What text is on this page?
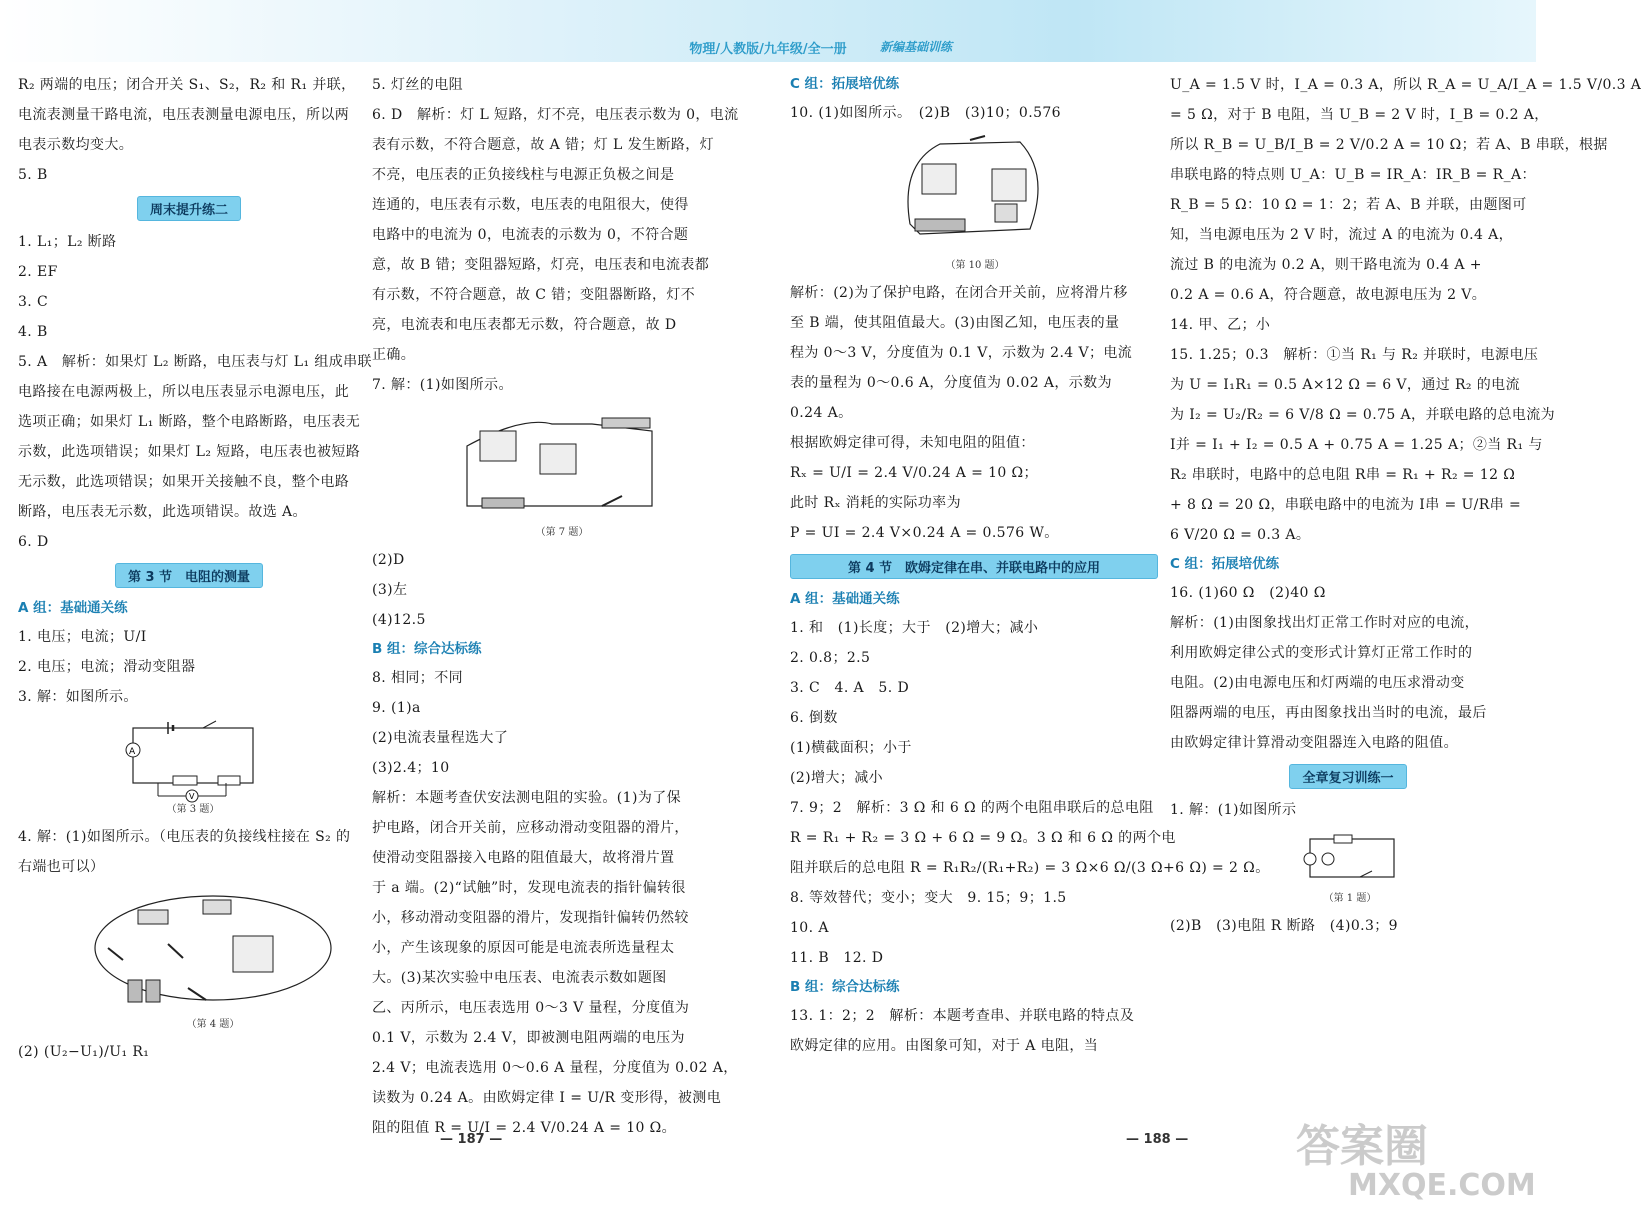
物理/人教版/九年级/全一册	新编基础训练
R₂ 两端的电压；闭合开关 S₁、S₂，R₂ 和 R₁ 并联，
电流表测量干路电流，电压表测量电源电压，所以两
电表示数均变大。
5. B
周末提升练二
1. L₁；L₂ 断路
2. EF
3. C
4. B
5. A　解析：如果灯 L₂ 断路，电压表与灯 L₁ 组成串联
电路接在电源两极上，所以电压表显示电源电压，此
选项正确；如果灯 L₁ 断路，整个电路断路，电压表无
示数，此选项错误；如果灯 L₂ 短路，电压表也被短路
无示数，此选项错误；如果开关接触不良，整个电路
断路，电压表无示数，此选项错误。故选 A。
6. D
第 3 节　电阻的测量
A 组：基础通关练
1. 电压；电流；U/I
2. 电压；电流；滑动变阻器
3. 解：如图所示。
A
V
（第 3 题）
4. 解：(1)如图所示。（电压表的负接线柱接在 S₂ 的
右端也可以）
（第 4 题）
(2) (U₂−U₁)/U₁ R₁
5. 灯丝的电阻
6. D　解析：灯 L 短路，灯不亮，电压表示数为 0，电流
表有示数，不符合题意，故 A 错；灯 L 发生断路，灯
不亮，电压表的正负接线柱与电源正负极之间是
连通的，电压表有示数，电压表的电阻很大，使得
电路中的电流为 0，电流表的示数为 0，不符合题
意，故 B 错；变阻器短路，灯亮，电压表和电流表都
有示数，不符合题意，故 C 错；变阻器断路，灯不
亮，电流表和电压表都无示数，符合题意，故 D
正确。
7. 解：(1)如图所示。
（第 7 题）
(2)D
(3)左
(4)12.5
B 组：综合达标练
8. 相同；不同
9. (1)a
(2)电流表量程选大了
(3)2.4；10
解析：本题考查伏安法测电阻的实验。(1)为了保
护电路，闭合开关前，应移动滑动变阻器的滑片，
使滑动变阻器接入电路的阻值最大，故将滑片置
于 a 端。(2)“试触”时，发现电流表的指针偏转很
小，移动滑动变阻器的滑片，发现指针偏转仍然较
小，产生该现象的原因可能是电流表所选量程太
大。(3)某次实验中电压表、电流表示数如题图
乙、丙所示，电压表选用 0～3 V 量程，分度值为
0.1 V，示数为 2.4 V，即被测电阻两端的电压为
2.4 V；电流表选用 0～0.6 A 量程，分度值为 0.02 A，
读数为 0.24 A。由欧姆定律 I = U/R 变形得，被测电
阻的阻值 R = U/I = 2.4 V/0.24 A = 10 Ω。
C 组：拓展培优练
10. (1)如图所示。　(2)B　(3)10；0.576
（第 10 题）
解析：(2)为了保护电路，在闭合开关前，应将滑片移
至 B 端，使其阻值最大。(3)由图乙知，电压表的量
程为 0～3 V，分度值为 0.1 V，示数为 2.4 V；电流
表的量程为 0～0.6 A，分度值为 0.02 A，示数为
0.24 A。
根据欧姆定律可得，未知电阻的阻值：
Rₓ = U/I = 2.4 V/0.24 A = 10 Ω；
此时 Rₓ 消耗的实际功率为
P = UI = 2.4 V×0.24 A = 0.576 W。
第 4 节　欧姆定律在串、并联电路中的应用
A 组：基础通关练
1. 和　(1)长度；大于　(2)增大；减小
2. 0.8；2.5
3. C　4. A　5. D
6. 倒数
(1)横截面积；小于
(2)增大；减小
7. 9；2　解析：3 Ω 和 6 Ω 的两个电阻串联后的总电阻
R = R₁ + R₂ = 3 Ω + 6 Ω = 9 Ω。3 Ω 和 6 Ω 的两个电
阻并联后的总电阻 R = R₁R₂/(R₁+R₂) = 3 Ω×6 Ω/(3 Ω+6 Ω) = 2 Ω。
8. 等效替代；变小；变大　9. 15；9；1.5
10. A
11. B　12. D
B 组：综合达标练
13. 1：2；2　解析：本题考查串、并联电路的特点及
欧姆定律的应用。由图象可知，对于 A 电阻，当
U_A = 1.5 V 时，I_A = 0.3 A，所以 R_A = U_A/I_A = 1.5 V/0.3 A
= 5 Ω，对于 B 电阻，当 U_B = 2 V 时，I_B = 0.2 A，
所以 R_B = U_B/I_B = 2 V/0.2 A = 10 Ω；若 A、B 串联，根据
串联电路的特点则 U_A：U_B = IR_A：IR_B = R_A：
R_B = 5 Ω：10 Ω = 1：2；若 A、B 并联，由题图可
知，当电源电压为 2 V 时，流过 A 的电流为 0.4 A，
流过 B 的电流为 0.2 A，则干路电流为 0.4 A +
0.2 A = 0.6 A，符合题意，故电源电压为 2 V。
14. 甲、乙；小
15. 1.25；0.3　解析：①当 R₁ 与 R₂ 并联时，电源电压
为 U = I₁R₁ = 0.5 A×12 Ω = 6 V，通过 R₂ 的电流
为 I₂ = U₂/R₂ = 6 V/8 Ω = 0.75 A，并联电路的总电流为
I并 = I₁ + I₂ = 0.5 A + 0.75 A = 1.25 A；②当 R₁ 与
R₂ 串联时，电路中的总电阻 R串 = R₁ + R₂ = 12 Ω
+ 8 Ω = 20 Ω，串联电路中的电流为 I串 = U/R串 =
6 V/20 Ω = 0.3 A。
C 组：拓展培优练
16. (1)60 Ω　(2)40 Ω
解析：(1)由图象找出灯正常工作时对应的电流，
利用欧姆定律公式的变形式计算灯正常工作时的
电阻。(2)由电源电压和灯两端的电压求滑动变
阻器两端的电压，再由图象找出当时的电流，最后
由欧姆定律计算滑动变阻器连入电路的阻值。
全章复习训练一
1. 解：(1)如图所示
（第 1 题）
(2)B　(3)电阻 R 断路　(4)0.3；9
— 187 —	— 188 — 答案圈
MXQE.COM
